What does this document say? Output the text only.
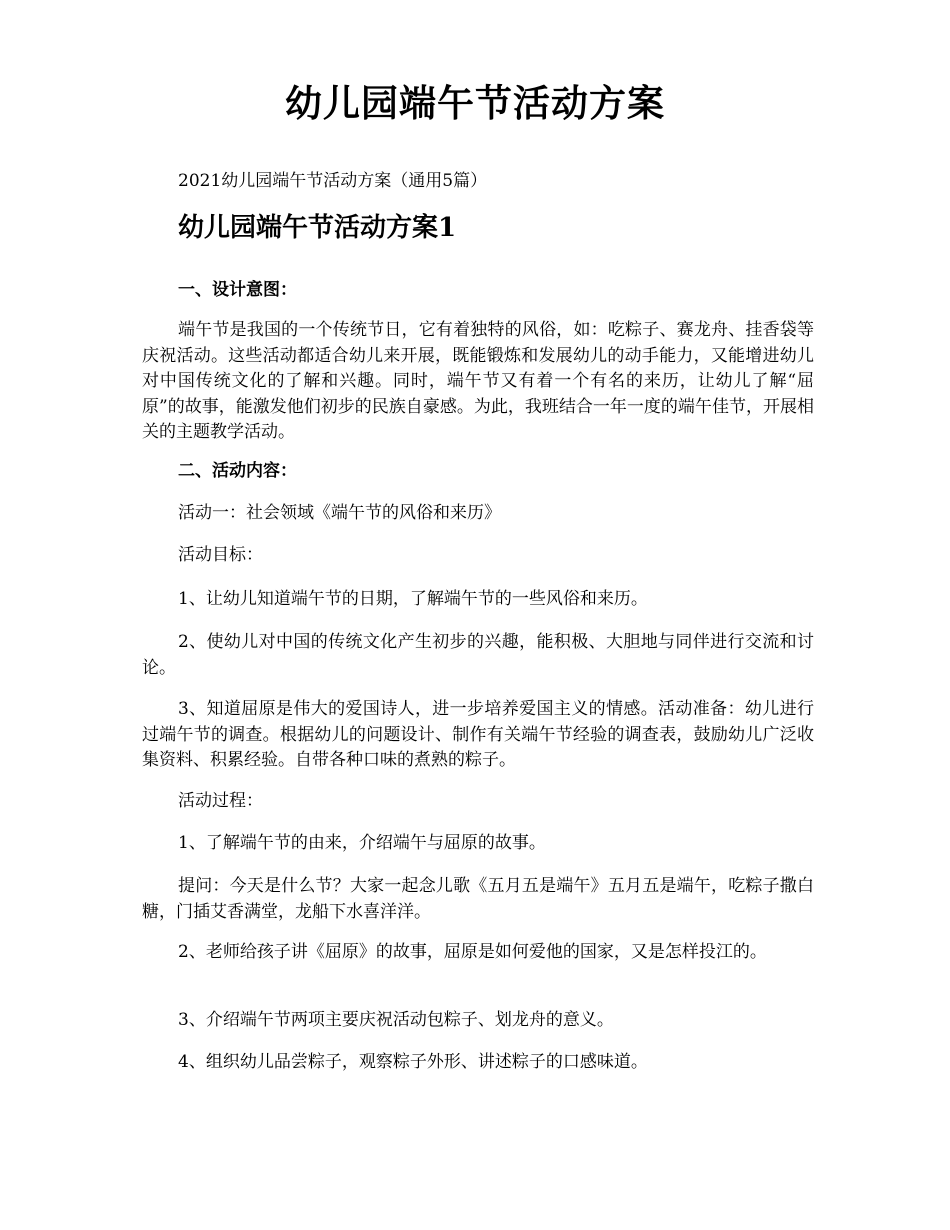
幼儿园端午节活动方案

2021幼儿园端午节活动方案（通用5篇）

幼儿园端午节活动方案1

一、设计意图：

端午节是我国的一个传统节日，它有着独特的风俗，如：吃粽子、赛龙舟、挂香袋等庆祝活动。这些活动都适合幼儿来开展，既能锻炼和发展幼儿的动手能力，又能增进幼儿对中国传统文化的了解和兴趣。同时，端午节又有着一个有名的来历，让幼儿了解“屈原”的故事，能激发他们初步的民族自豪感。为此，我班结合一年一度的端午佳节，开展相关的主题教学活动。

二、活动内容：

活动一：社会领域《端午节的风俗和来历》

活动目标：

1、让幼儿知道端午节的日期，了解端午节的一些风俗和来历。

2、使幼儿对中国的传统文化产生初步的兴趣，能积极、大胆地与同伴进行交流和讨论。

3、知道屈原是伟大的爱国诗人，进一步培养爱国主义的情感。活动准备：幼儿进行过端午节的调查。根据幼儿的问题设计、制作有关端午节经验的调查表，鼓励幼儿广泛收集资料、积累经验。自带各种口味的煮熟的粽子。

活动过程：

1、了解端午节的由来，介绍端午与屈原的故事。

提问：今天是什么节？大家一起念儿歌《五月五是端午》五月五是端午，吃粽子撒白糖，门插艾香满堂，龙船下水喜洋洋。

2、老师给孩子讲《屈原》的故事，屈原是如何爱他的国家，又是怎样投江的。

3、介绍端午节两项主要庆祝活动包粽子、划龙舟的意义。

4、组织幼儿品尝粽子，观察粽子外形、讲述粽子的口感味道。
